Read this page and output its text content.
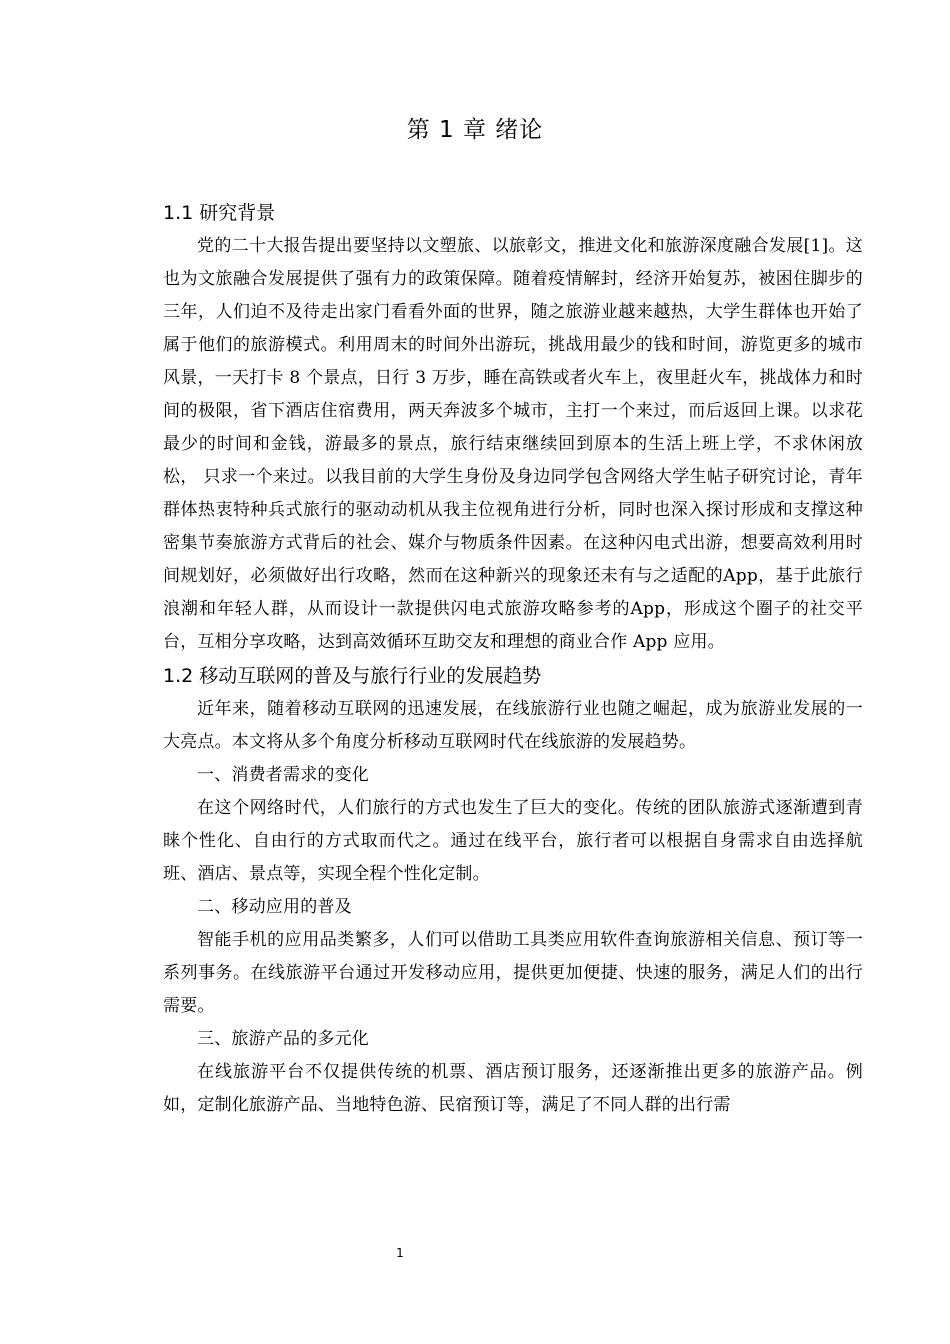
第 1 章 绪论
1.1 研究背景

党的二十大报告提出要坚持以文塑旅、以旅彰文，推进文化和旅游深度融合发展[1]。这也为文旅融合发展提供了强有力的政策保障。随着疫情解封，经济开始复苏，被困住脚步的三年，人们迫不及待走出家门看看外面的世界，随之旅游业越来越热，大学生群体也开始了属于他们的旅游模式。利用周末的时间外出游玩，挑战用最少的钱和时间，游览更多的城市风景，一天打卡 8 个景点，日行 3 万步，睡在高铁或者火车上，夜里赶火车，挑战体力和时间的极限，省下酒店住宿费用，两天奔波多个城市，主打一个来过，而后返回上课。以求花最少的时间和金钱，游最多的景点，旅行结束继续回到原本的生活上班上学，不求休闲放松， 只求一个来过。以我目前的大学生身份及身边同学包含网络大学生帖子研究讨论，青年群体热衷特种兵式旅行的驱动动机从我主位视角进行分析，同时也深入探讨形成和支撑这种密集节奏旅游方式背后的社会、媒介与物质条件因素。在这种闪电式出游，想要高效利用时间规划好，必须做好出行攻略，然而在这种新兴的现象还未有与之适配的App，基于此旅行浪潮和年轻人群，从而设计一款提供闪电式旅游攻略参考的App，形成这个圈子的社交平台，互相分享攻略，达到高效循环互助交友和理想的商业合作 App 应用。

1.2 移动互联网的普及与旅行行业的发展趋势

近年来，随着移动互联网的迅速发展，在线旅游行业也随之崛起，成为旅游业发展的一大亮点。本文将从多个角度分析移动互联网时代在线旅游的发展趋势。

一、消费者需求的变化

在这个网络时代，人们旅行的方式也发生了巨大的变化。传统的团队旅游式逐渐遭到青睐个性化、自由行的方式取而代之。通过在线平台，旅行者可以根据自身需求自由选择航班、酒店、景点等，实现全程个性化定制。

二、移动应用的普及

智能手机的应用品类繁多，人们可以借助工具类应用软件查询旅游相关信息、预订等一系列事务。在线旅游平台通过开发移动应用，提供更加便捷、快速的服务，满足人们的出行需要。

三、旅游产品的多元化

在线旅游平台不仅提供传统的机票、酒店预订服务，还逐渐推出更多的旅游产品。例如，定制化旅游产品、当地特色游、民宿预订等，满足了不同人群的出行需

1
